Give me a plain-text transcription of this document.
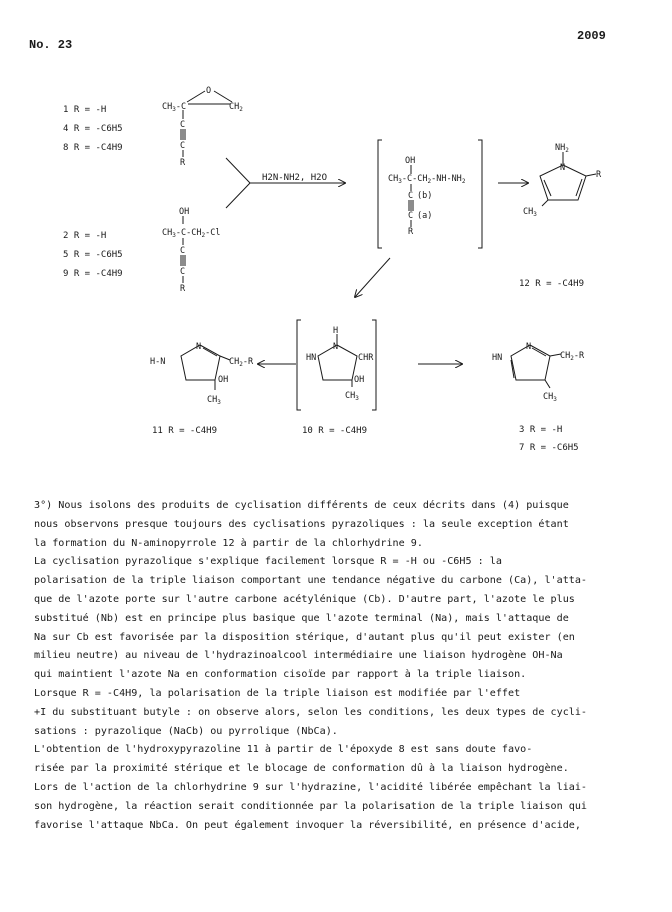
No. 23
2009
1 R = -H
4 R = -C6H5
8 R = -C4H9
2 R = -H
5 R = -C6H5
9 R = -C4H9
H2N-NH2, H2O
12 R = -C4H9
11 R = -C4H9	10 R = -C4H9	3 R = -H
7 R = -C6H5
O
$CH_3-C$	$CH_2$
C
C
R
OH
$CH_3-C-CH_2-Cl$
C
C
R
OH
$CH_3-C-CH_2-NH-NH_2$
C (b)
C (a)
R
$NH_2$
N
R
$CH_3$
N
H-N	$CH_2-R$
OH
$CH_3$
H
N
HN	CHR
OH
$CH_3$
N
HN	$CH_2-R$
$CH_3$

3°) Nous isolons des produits de cyclisation différents de ceux décrits dans (4) puisque

nous observons presque toujours des cyclisations pyrazoliques : la seule exception étant

la formation du N-aminopyrrole 12 à partir de la chlorhydrine 9.

La cyclisation pyrazolique s'explique facilement lorsque R = -H ou -C6H5 : la

polarisation de la triple liaison comportant une tendance négative du carbone (Ca), l'atta-

que de l'azote porte sur l'autre carbone acétylénique (Cb). D'autre part, l'azote le plus

substitué (Nb) est en principe plus basique que l'azote terminal (Na), mais l'attaque de

Na sur Cb est favorisée par la disposition stérique, d'autant plus qu'il peut exister (en

milieu neutre) au niveau de l'hydrazinoalcool intermédiaire une liaison hydrogène OH-Na

qui maintient l'azote Na en conformation cisoïde par rapport à la triple liaison.

Lorsque R = -C4H9, la polarisation de la triple liaison est modifiée par l'effet

+I du substituant butyle : on observe alors, selon les conditions, les deux types de cycli-

sations : pyrazolique (NaCb) ou pyrrolique (NbCa).

L'obtention de l'hydroxypyrazoline 11 à partir de l'époxyde 8 est sans doute favo-

risée par la proximité stérique et le blocage de conformation dû à la liaison hydrogène.

Lors de l'action de la chlorhydrine 9 sur l'hydrazine, l'acidité libérée empêchant la liai-

son hydrogène, la réaction serait conditionnée par la polarisation de la triple liaison qui

favorise l'attaque NbCa. On peut également invoquer la réversibilité, en présence d'acide,
